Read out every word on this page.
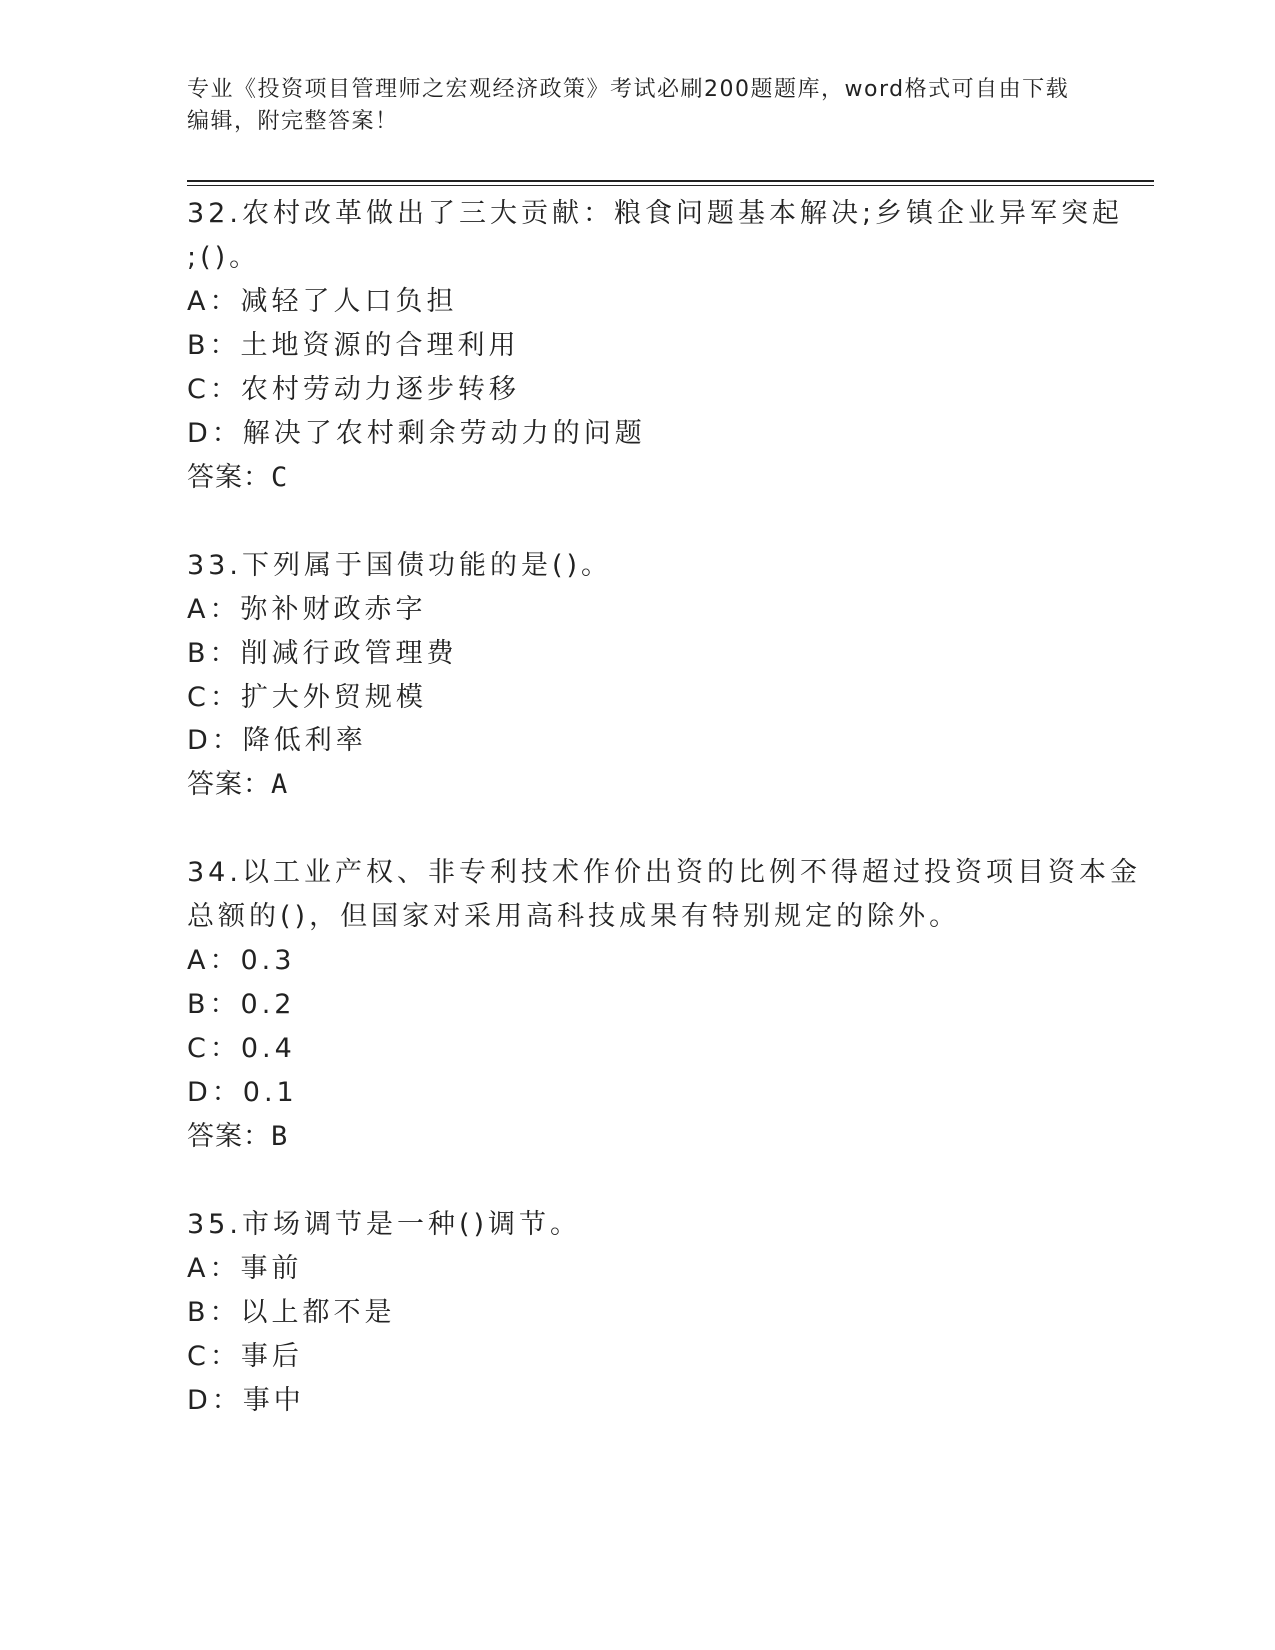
专业《投资项目管理师之宏观经济政策》考试必刷200题题库，word格式可自由下载编辑，附完整答案！
32.农村改革做出了三大贡献：粮食问题基本解决;乡镇企业异军突起
;()。
A：减轻了人口负担
B：土地资源的合理利用
C：农村劳动力逐步转移
D：解决了农村剩余劳动力的问题
答案：C
33.下列属于国债功能的是()。
A：弥补财政赤字
B：削减行政管理费
C：扩大外贸规模
D：降低利率
答案：A
34.以工业产权、非专利技术作价出资的比例不得超过投资项目资本金
总额的()，但国家对采用高科技成果有特别规定的除外。
A：0.3
B：0.2
C：0.4
D：0.1
答案：B
35.市场调节是一种()调节。
A：事前
B：以上都不是
C：事后
D：事中
